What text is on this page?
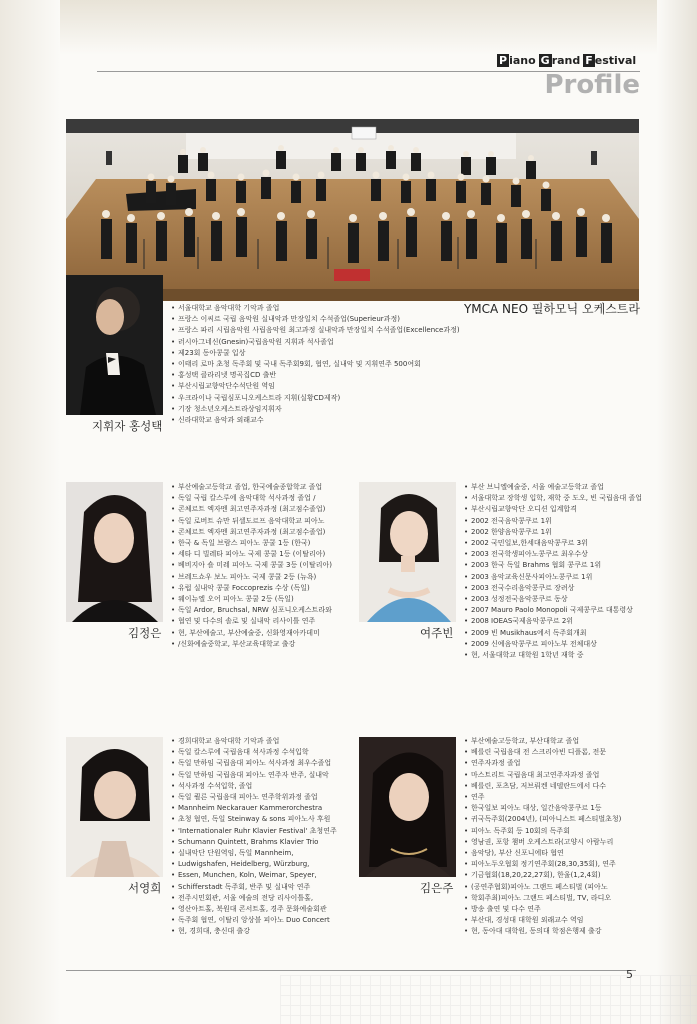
P iano G rand F estival
Profile
YMCA NEO 필하모닉 오케스트라
지휘자 홍성택
• 서울대학교 음악대학 기악과 졸업
• 프랑스 이씨르 국립 음악원 실내악과 만장일치 수석졸업(Superieur과정)
• 프랑스 파리 시립음악원 사립음악원 최고과정 실내악과 만장일치 수석졸업(Excellence과정)
• 러시아그네신(Gnesin)국립음악원 지휘과 석사졸업
• 제23회 동아콩쿨 입상
• 이태리 로마 초청 독주회 및 국내 독주회9회, 협연, 실내악 및 지휘연주 500여회
• 홍성택 클라리넷 명곡집CD 출반
• 부산시립교향악단수석단원 역임
• 우크라이나 국립심포니오케스트라 지휘(실황CD제작)
• 기장 청소년오케스트라상임지휘자
• 신라대학교 음악과 외래교수
김정은
• 부산예술고등학교 졸업, 한국예술종합학교 졸업
• 독일 국립 칼스루에 음악대학 석사과정 졸업 /
• 콘체르트 엑자멘 최고연주자과정 (최고점수졸업)
• 독일 로버트 슈만 뒤셀도르프 음악대학교 피아노
• 콘체르트 엑자멘 최고연주자과정 (최고점수졸업)
• 한국 & 독일 브람스 피아노 콩쿨 1등 (한국)
• 세타 디 빌레타 피아노 국제 콩쿨 1등 (이탈리아)
• 베비지아 숄 미레 피아노 국제 콩쿨 3등 (이탈리아)
• 브레드쇼우 보노 피아노 국제 콩쿨 2등 (뉴욕)
• 유럽 실내악 콩쿨 Foccoprezis 수상 (독일)
• 웨이뉴엘 오어 피아노 콩쿨 2등 (독일)
• 독일 Ardor, Bruchsal, NRW 심포니오케스트라와
• 협연 및 다수의 솔로 및 실내악 리사이틀 연주
• 현, 부산예술고, 부산예술중, 신화영재아카데미
• /신화예술중학교, 부산교육대학교 출강
여주빈
• 부산 브니엘예술중, 서울 예술고등학교 졸업
• 서울대학교 장학생 입학, 재학 중 도오, 빈 국립음대 졸업
• 부산시립교향악단 오디션 입계합격
• 2002 전국음악콩쿠르 1위
• 2002 한양음악콩쿠르 1위
• 2002 국민일보,한세대음악콩쿠르 3위
• 2003 전국학생피아노콩쿠르 최우수상
• 2003 한국 독일 Brahms 협회 콩쿠르 1위
• 2003 음악교육신문사피아노콩쿠르 1위
• 2003 전국수리음악콩쿠르 장려상
• 2003 성정전국음악콩쿠르 동상
• 2007 Mauro Paolo Monopoli 국제콩쿠르 대통령상
• 2008 IOEAS국제음악콩쿠르 2위
• 2009 빈 Musikhaus에서 독주회개최
• 2009 신예음악콩쿠르 피아노부 전체대상
• 현, 서울대학교 대학원 1학년 재학 중
서영희
• 경희대학교 음악대학 기악과 졸업
• 독일 칼스루에 국립음대 석사과정 수석입학
• 독일 만하임 국립음대 피아노 석사과정 최우수졸업
• 독일 만하임 국립음대 피아노 연주자 반주, 실내악
• 석사과정 수석입학, 졸업
• 독일 쾰른 국립음대 피아노 연주학위과정 졸업
• Mannheim Neckarauer Kammerorchestra
• 초청 협연, 독일 Steinway & sons 피아노사 후원
• 'Internationaler Ruhr Klavier Festival' 초청연주
• Schumann Quintett, Brahms Klavier Trio
• 실내악단 단원역임, 독일 Mannheim,
• Ludwigshafen, Heidelberg, Würzburg,
• Essen, Munchen, Koln, Weimar, Speyer,
• Schifferstadt 독주회, 반주 및 실내악 연주
• 전주시민회관, 서울 예술의 전당 리사이틀홀,
• 영산아트홀, 북원대 콘서트홀, 경주 문화예술회관
• 독주회 협연, 이탈리 앙상블 피아노 Duo Concert
• 현, 경희대, 충신대 출강
김은주
• 부산예술고등학교, 부산대학교 졸업
• 베를린 국립음대 전 스크리아빈 디플롬, 전문
• 연주자과정 졸업
• 마스트리트 국립음대 최고연주자과정 졸업
• 베를린, 포츠담, 저브뤼켄 네델란드에서 다수
• 연주
• 한국일보 피아노 대상, 일간음악콩쿠르 1등
• 귀국독주회(2004년), (피아니스트 페스티벌초청)
• 피아노 독주회 등 10회의 독주회
• 영남권, 포항 챔버 오케스트라(고양시 아람누리
• 음악당), 부산 신포니에타 협연
• 피아노두오협회 정기연주회(28,30,35회), 연주
• 기금협회(18,20,22,27회), 한울(1,2,4회)
• (공연주협회)피아노 그랜드 페스티벌 (피아노
• 학회주최)피아노 그랜드 페스티벌, TV, 라디오
• 방송 출연 및 다수 연주
• 부산대, 경성대 대학원 외래교수 역임
• 현, 동아대 대학원, 동의대 학점은행제 출강
5
